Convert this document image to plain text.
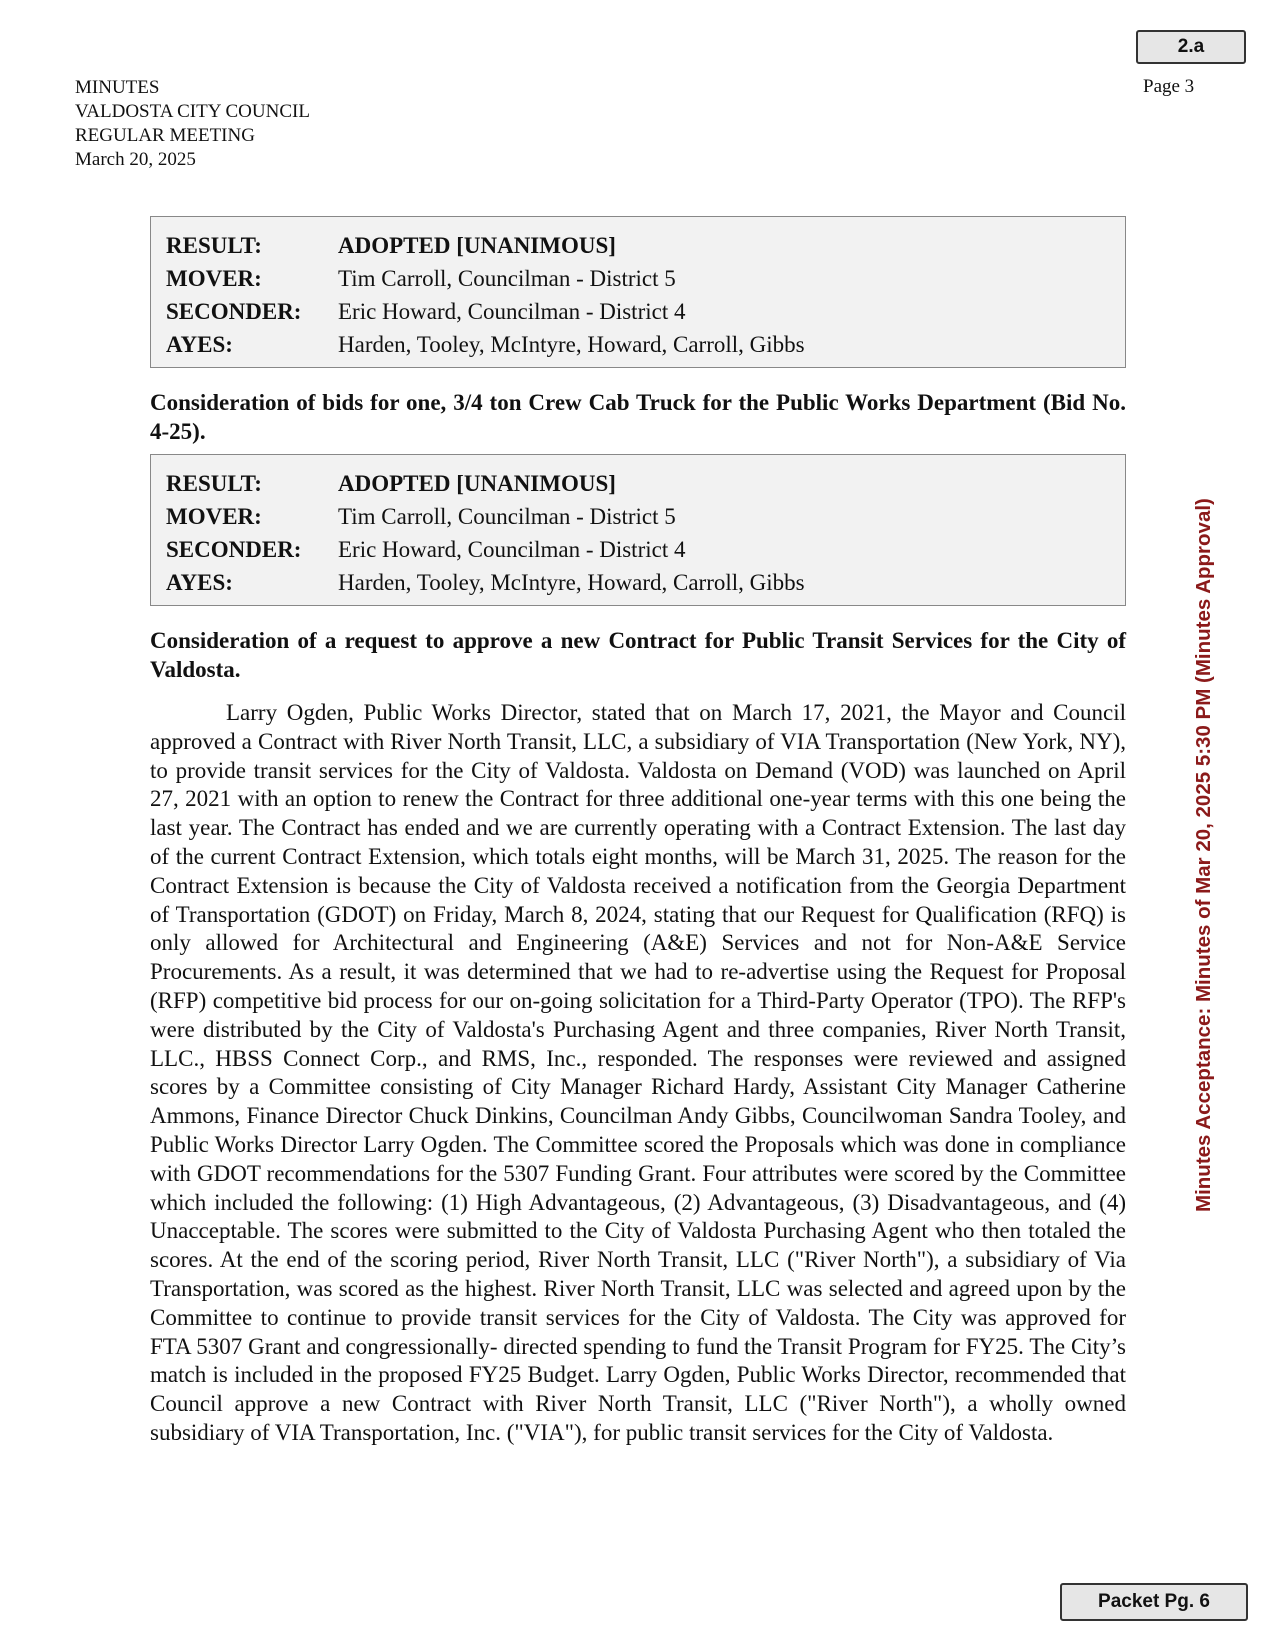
2.a
Page 3
MINUTES
VALDOSTA CITY COUNCIL
REGULAR MEETING
March 20, 2025
RESULT:	ADOPTED [UNANIMOUS]
MOVER:	Tim Carroll, Councilman - District 5
SECONDER:	Eric Howard, Councilman - District 4
AYES:	Harden, Tooley, McIntyre, Howard, Carroll, Gibbs
Consideration of bids for one, 3/4 ton Crew Cab Truck for the Public Works Department (Bid No. 4-25).
RESULT:	ADOPTED [UNANIMOUS]
MOVER:	Tim Carroll, Councilman - District 5
SECONDER:	Eric Howard, Councilman - District 4
AYES:	Harden, Tooley, McIntyre, Howard, Carroll, Gibbs
Consideration of a request to approve a new Contract for Public Transit Services for the City of Valdosta.
Larry Ogden, Public Works Director, stated that on March 17, 2021, the Mayor and Council approved a Contract with River North Transit, LLC, a subsidiary of VIA Transportation (New York, NY), to provide transit services for the City of Valdosta. Valdosta on Demand (VOD) was launched on April 27, 2021 with an option to renew the Contract for three additional one-year terms with this one being the last year. The Contract has ended and we are currently operating with a Contract Extension. The last day of the current Contract Extension, which totals eight months, will be March 31, 2025. The reason for the Contract Extension is because the City of Valdosta received a notification from the Georgia Department of Transportation (GDOT) on Friday, March 8, 2024, stating that our Request for Qualification (RFQ) is only allowed for Architectural and Engineering (A&E) Services and not for Non-A&E Service Procurements. As a result, it was determined that we had to re-advertise using the Request for Proposal (RFP) competitive bid process for our on-going solicitation for a Third-Party Operator (TPO). The RFP's were distributed by the City of Valdosta's Purchasing Agent and three companies, River North Transit, LLC., HBSS Connect Corp., and RMS, Inc., responded. The responses were reviewed and assigned scores by a Committee consisting of City Manager Richard Hardy, Assistant City Manager Catherine Ammons, Finance Director Chuck Dinkins, Councilman Andy Gibbs, Councilwoman Sandra Tooley, and Public Works Director Larry Ogden. The Committee scored the Proposals which was done in compliance with GDOT recommendations for the 5307 Funding Grant. Four attributes were scored by the Committee which included the following: (1) High Advantageous, (2) Advantageous, (3) Disadvantageous, and (4) Unacceptable. The scores were submitted to the City of Valdosta Purchasing Agent who then totaled the scores. At the end of the scoring period, River North Transit, LLC ("River North"), a subsidiary of Via Transportation, was scored as the highest. River North Transit, LLC was selected and agreed upon by the Committee to continue to provide transit services for the City of Valdosta. The City was approved for FTA 5307 Grant and congressionally- directed spending to fund the Transit Program for FY25. The City’s match is included in the proposed FY25 Budget. Larry Ogden, Public Works Director, recommended that Council approve a new Contract with River North Transit, LLC ("River North"), a wholly owned subsidiary of VIA Transportation, Inc. ("VIA"), for public transit services for the City of Valdosta.
Minutes Acceptance: Minutes of Mar 20, 2025 5:30 PM (Minutes Approval)
Packet Pg. 6
